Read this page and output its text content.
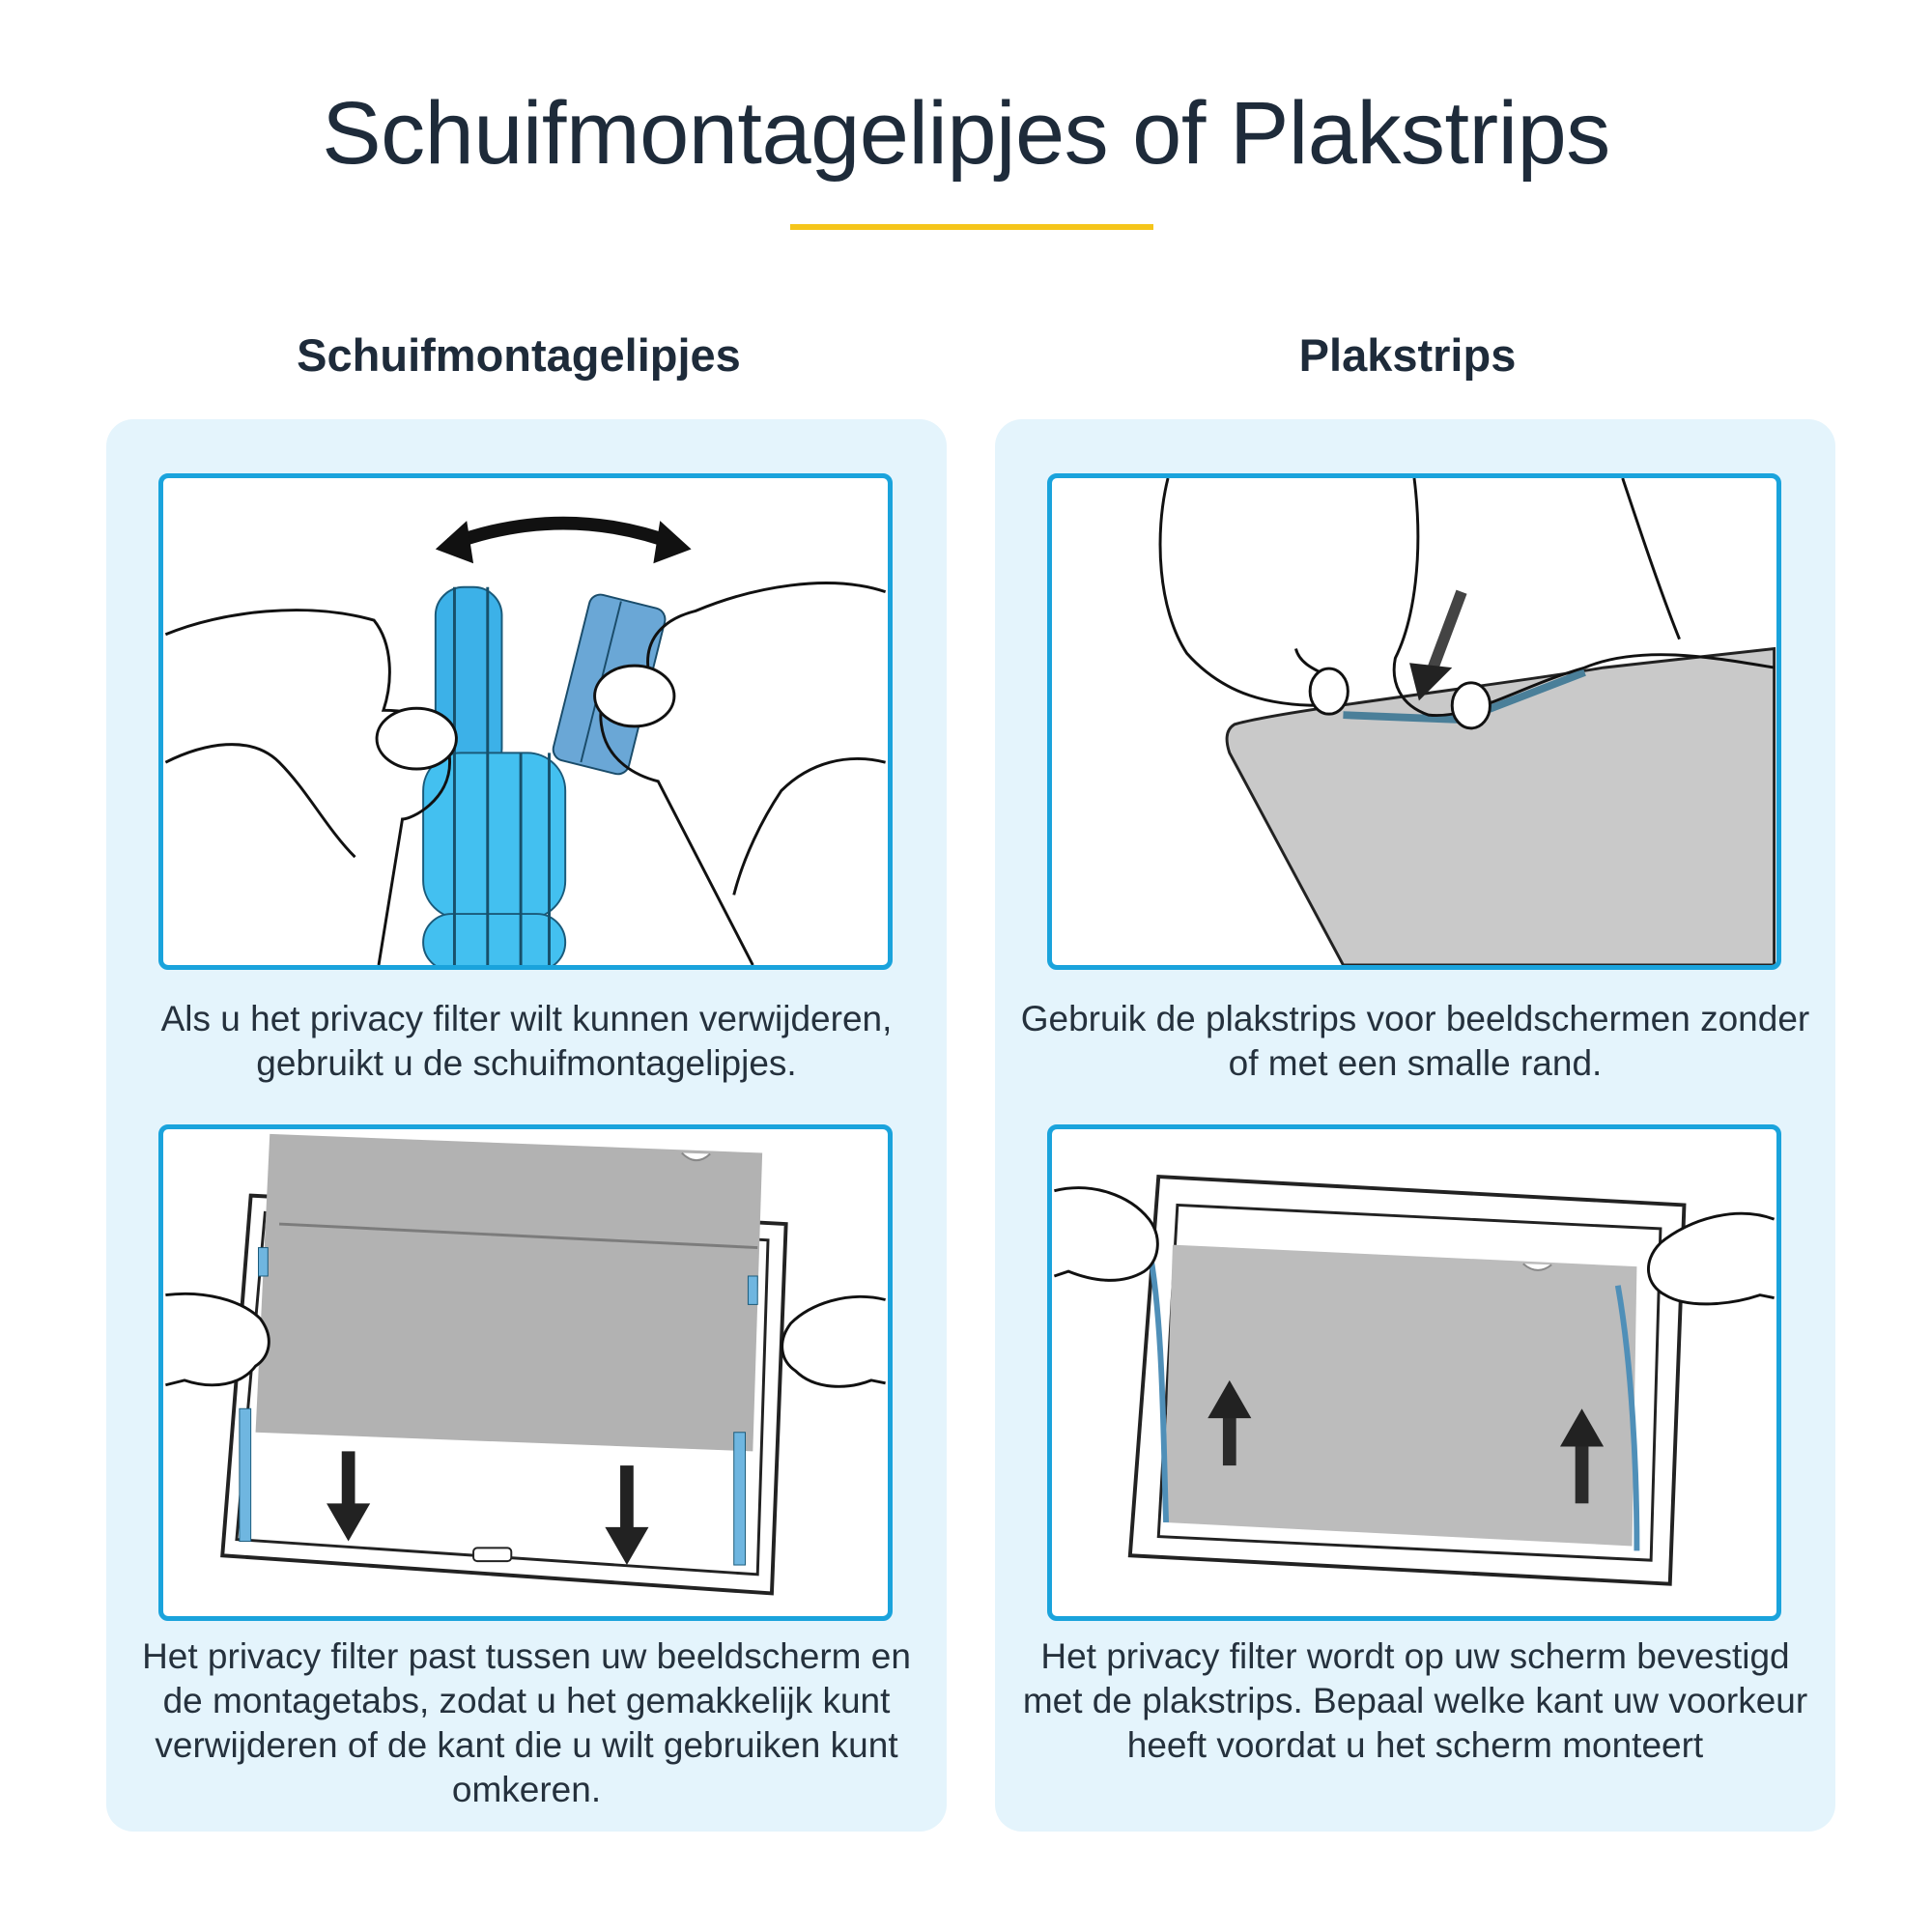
Schuifmontagelipjes of Plakstrips
Schuifmontagelipjes
Als u het privacy filter wilt kunnen verwijderen, gebruikt u de schuifmontagelipjes.
Het privacy filter past tussen uw beeldscherm en de montagetabs, zodat u het gemakkelijk kunt verwijderen of de kant die u wilt gebruiken kunt omkeren.
Plakstrips
Gebruik de plakstrips voor beeldschermen zonder of met een smalle rand.
Het privacy filter wordt op uw scherm bevestigd met de plakstrips. Bepaal welke kant uw voorkeur heeft voordat u het scherm monteert
